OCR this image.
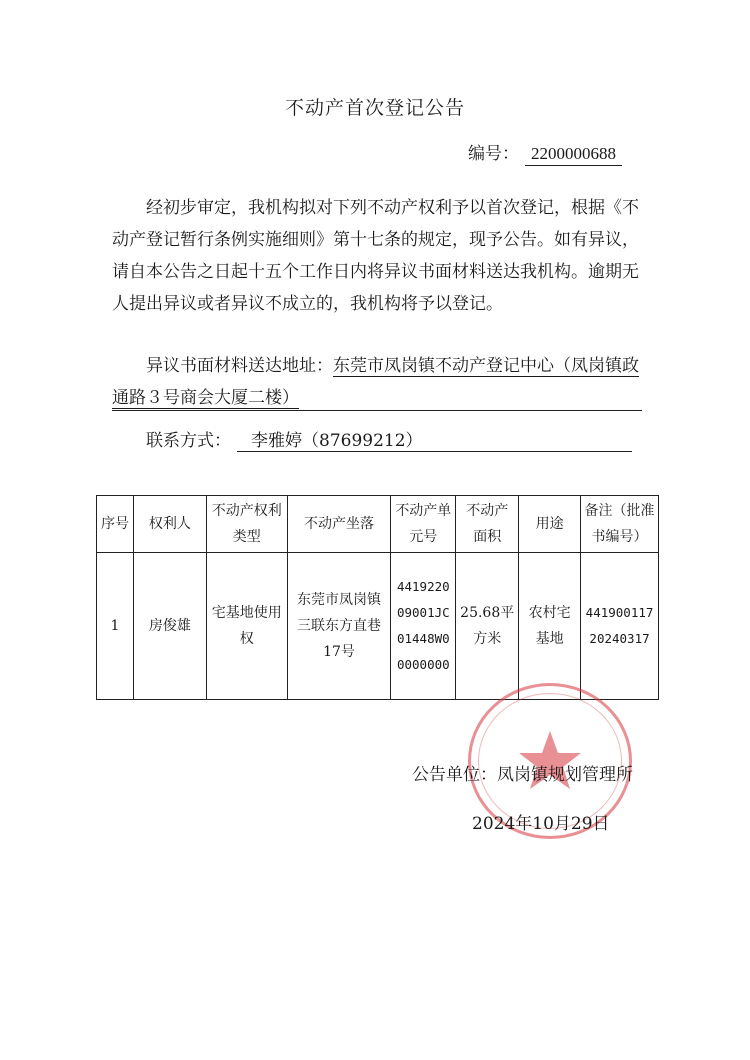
不动产首次登记公告
编号： 2200000688

经初步审定，我机构拟对下列不动产权利予以首次登记，根据《不动产登记暂行条例实施细则》第十七条的规定，现予公告。如有异议，请自本公告之日起十五个工作日内将异议书面材料送达我机构。逾期无人提出异议或者异议不成立的，我机构将予以登记。

异议书面材料送达地址：东莞市凤岗镇不动产登记中心（凤岗镇政通路３号商会大厦二楼）

联系方式： 李雅婷（87699212）
序号	权利人	不动产权利类型	不动产坐落	不动产单元号	不动产面积	用途	备注（批准书编号）
1	房俊雄	宅基地使用权	东莞市凤岗镇三联东方直巷17号	441922009001JC01448W00000000	25.68平方米	农村宅基地	44190011720240317
公告单位：凤岗镇规划管理所
2024年10月29日
